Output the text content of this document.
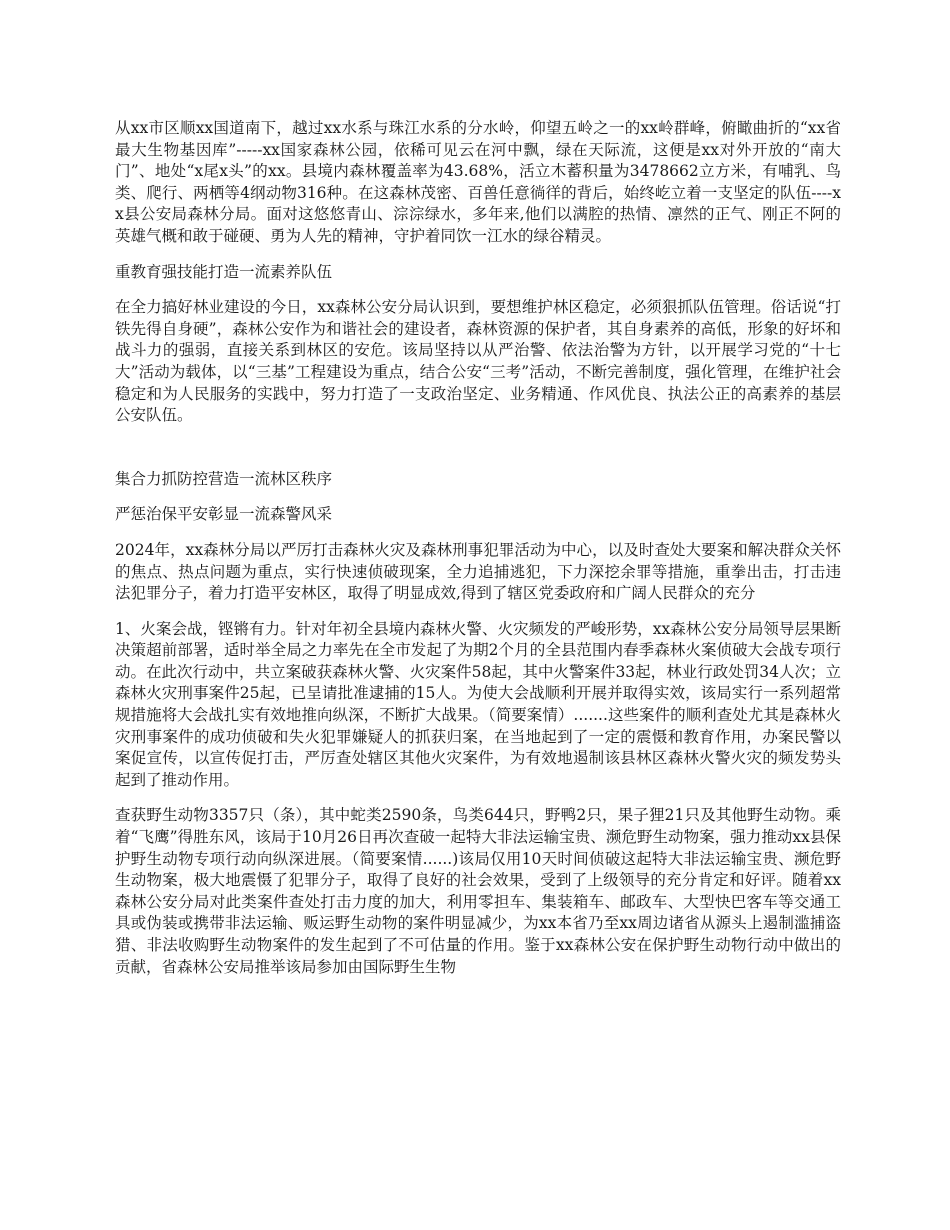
从xx市区顺xx国道南下，越过xx水系与珠江水系的分水岭，仰望五岭之一的xx岭群峰，俯瞰曲折的“xx省最大生物基因库”-----xx国家森林公园，依稀可见云在河中飘，绿在天际流，这便是xx对外开放的“南大门”、地处“x尾x头”的xx。县境内森林覆盖率为43.68%，活立木蓄积量为3478662立方米，有哺乳、鸟类、爬行、两栖等4纲动物316种。在这森林茂密、百兽任意徜徉的背后，始终屹立着一支坚定的队伍----xx县公安局森林分局。面对这悠悠青山、淙淙绿水，多年来,他们以满腔的热情、凛然的正气、刚正不阿的英雄气概和敢于碰硬、勇为人先的精神，守护着同饮一江水的绿谷精灵。

重教育强技能打造一流素养队伍

在全力搞好林业建设的今日，xx森林公安分局认识到，要想维护林区稳定，必须狠抓队伍管理。俗话说“打铁先得自身硬”，森林公安作为和谐社会的建设者，森林资源的保护者，其自身素养的高低，形象的好坏和战斗力的强弱，直接关系到林区的安危。该局坚持以从严治警、依法治警为方针，以开展学习党的“十七大”活动为载体，以“三基”工程建设为重点，结合公安“三考”活动，不断完善制度，强化管理，在维护社会稳定和为人民服务的实践中，努力打造了一支政治坚定、业务精通、作风优良、执法公正的高素养的基层公安队伍。

集合力抓防控营造一流林区秩序

严惩治保平安彰显一流森警风采

2024年，xx森林分局以严厉打击森林火灾及森林刑事犯罪活动为中心，以及时查处大要案和解决群众关怀的焦点、热点问题为重点，实行快速侦破现案，全力追捕逃犯，下力深挖余罪等措施，重拳出击，打击违法犯罪分子，着力打造平安林区，取得了明显成效,得到了辖区党委政府和广阔人民群众的充分

1、火案会战，铿锵有力。针对年初全县境内森林火警、火灾频发的严峻形势，xx森林公安分局领导层果断决策超前部署，适时举全局之力率先在全市发起了为期2个月的全县范围内春季森林火案侦破大会战专项行动。在此次行动中，共立案破获森林火警、火灾案件58起，其中火警案件33起，林业行政处罚34人次；立森林火灾刑事案件25起，已呈请批准逮捕的15人。为使大会战顺利开展并取得实效，该局实行一系列超常规措施将大会战扎实有效地推向纵深，不断扩大战果。（简要案情）.......这些案件的顺利查处尤其是森林火灾刑事案件的成功侦破和失火犯罪嫌疑人的抓获归案，在当地起到了一定的震慑和教育作用，办案民警以案促宣传，以宣传促打击，严厉查处辖区其他火灾案件，为有效地遏制该县林区森林火警火灾的频发势头起到了推动作用。

查获野生动物3357只（条），其中蛇类2590条，鸟类644只，野鸭2只，果子狸21只及其他野生动物。乘着“飞鹰”得胜东风，该局于10月26日再次查破一起特大非法运输宝贵、濒危野生动物案，强力推动xx县保护野生动物专项行动向纵深进展。（简要案情......)该局仅用10天时间侦破这起特大非法运输宝贵、濒危野生动物案，极大地震慑了犯罪分子，取得了良好的社会效果，受到了上级领导的充分肯定和好评。随着xx森林公安分局对此类案件查处打击力度的加大，利用零担车、集装箱车、邮政车、大型快巴客车等交通工具或伪装或携带非法运输、贩运野生动物的案件明显减少，为xx本省乃至xx周边诸省从源头上遏制滥捕盗猎、非法收购野生动物案件的发生起到了不可估量的作用。鉴于xx森林公安在保护野生动物行动中做出的贡献，省森林公安局推举该局参加由国际野生生物
